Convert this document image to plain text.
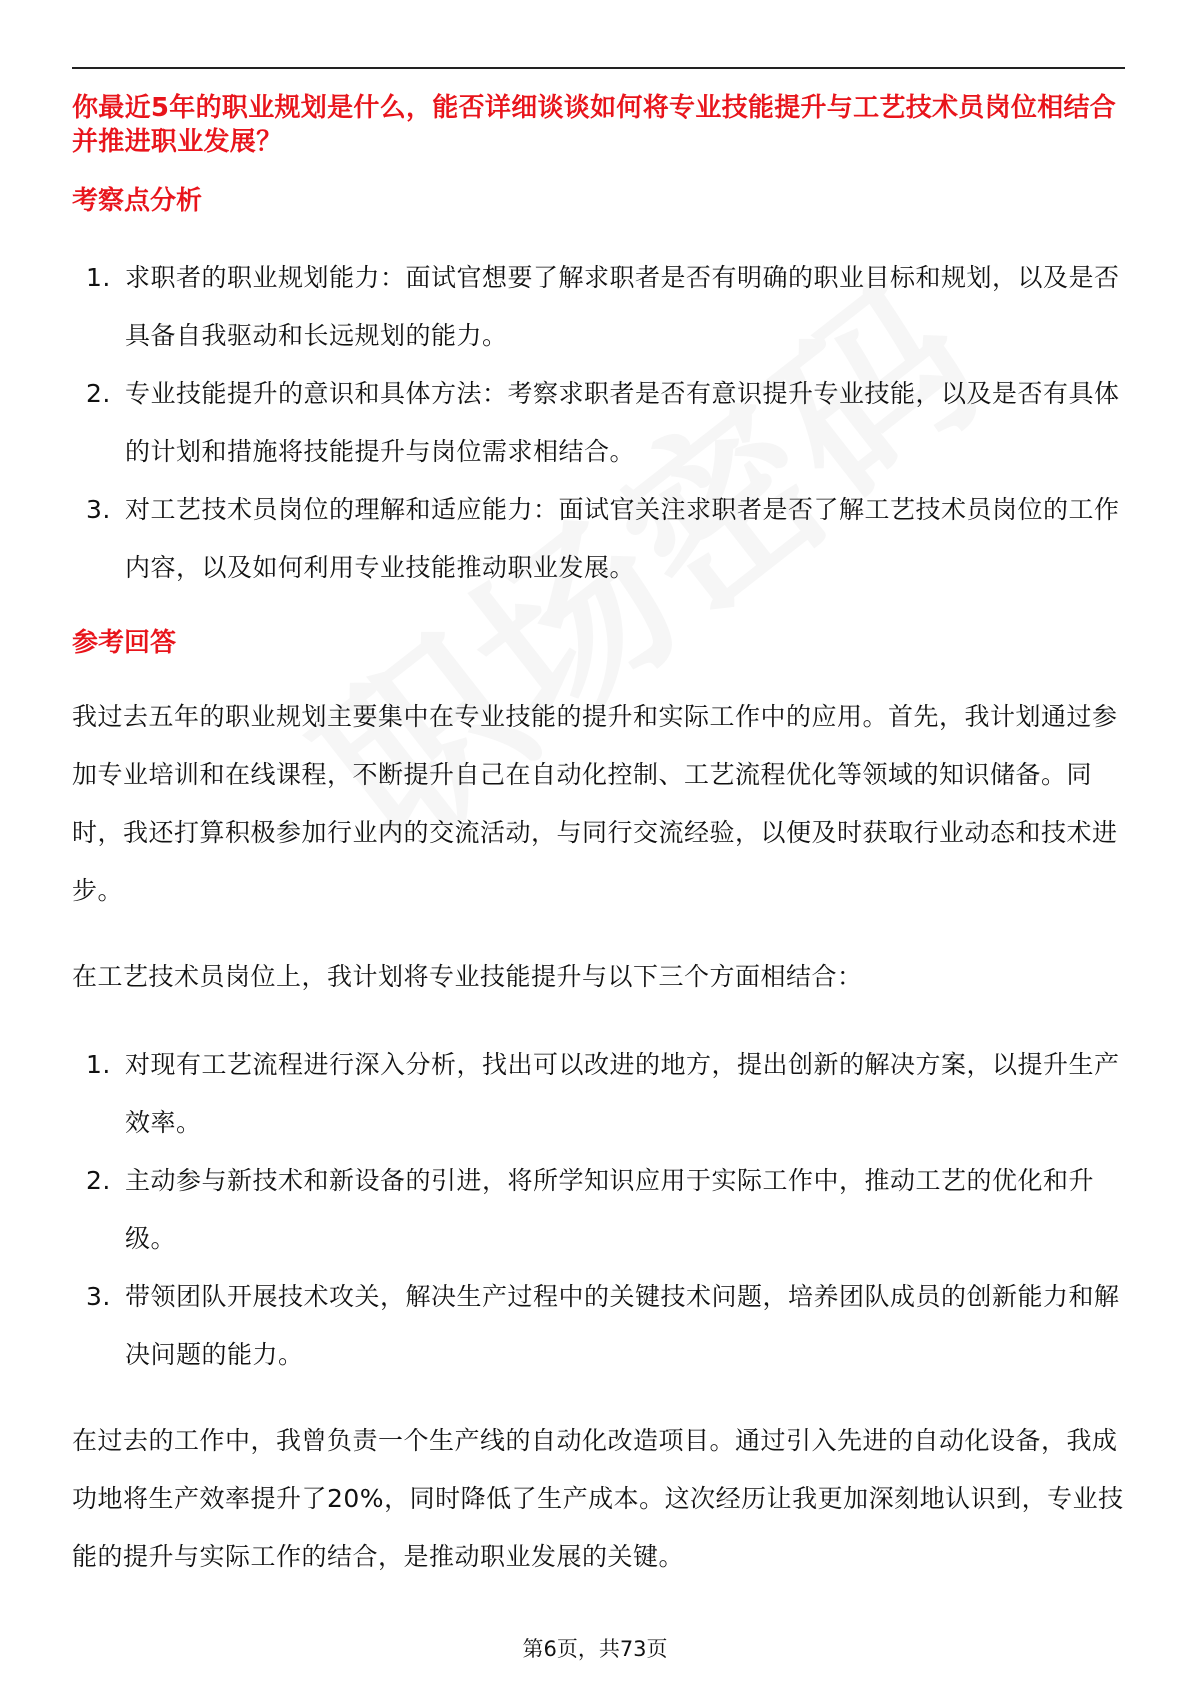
你最近5年的职业规划是什么，能否详细谈谈如何将专业技能提升与工艺技术员岗位相结合并推进职业发展？
考察点分析
1. 求职者的职业规划能力：面试官想要了解求职者是否有明确的职业目标和规划，以及是否具备自我驱动和长远规划的能力。
2. 专业技能提升的意识和具体方法：考察求职者是否有意识提升专业技能，以及是否有具体的计划和措施将技能提升与岗位需求相结合。
3. 对工艺技术员岗位的理解和适应能力：面试官关注求职者是否了解工艺技术员岗位的工作内容，以及如何利用专业技能推动职业发展。
参考回答
我过去五年的职业规划主要集中在专业技能的提升和实际工作中的应用。首先，我计划通过参加专业培训和在线课程，不断提升自己在自动化控制、工艺流程优化等领域的知识储备。同时，我还打算积极参加行业内的交流活动，与同行交流经验，以便及时获取行业动态和技术进步。
在工艺技术员岗位上，我计划将专业技能提升与以下三个方面相结合：
1. 对现有工艺流程进行深入分析，找出可以改进的地方，提出创新的解决方案，以提升生产效率。
2. 主动参与新技术和新设备的引进，将所学知识应用于实际工作中，推动工艺的优化和升级。
3. 带领团队开展技术攻关，解决生产过程中的关键技术问题，培养团队成员的创新能力和解决问题的能力。
在过去的工作中，我曾负责一个生产线的自动化改造项目。通过引入先进的自动化设备，我成功地将生产效率提升了20%，同时降低了生产成本。这次经历让我更加深刻地认识到，专业技能的提升与实际工作的结合，是推动职业发展的关键。
第6页，共73页
